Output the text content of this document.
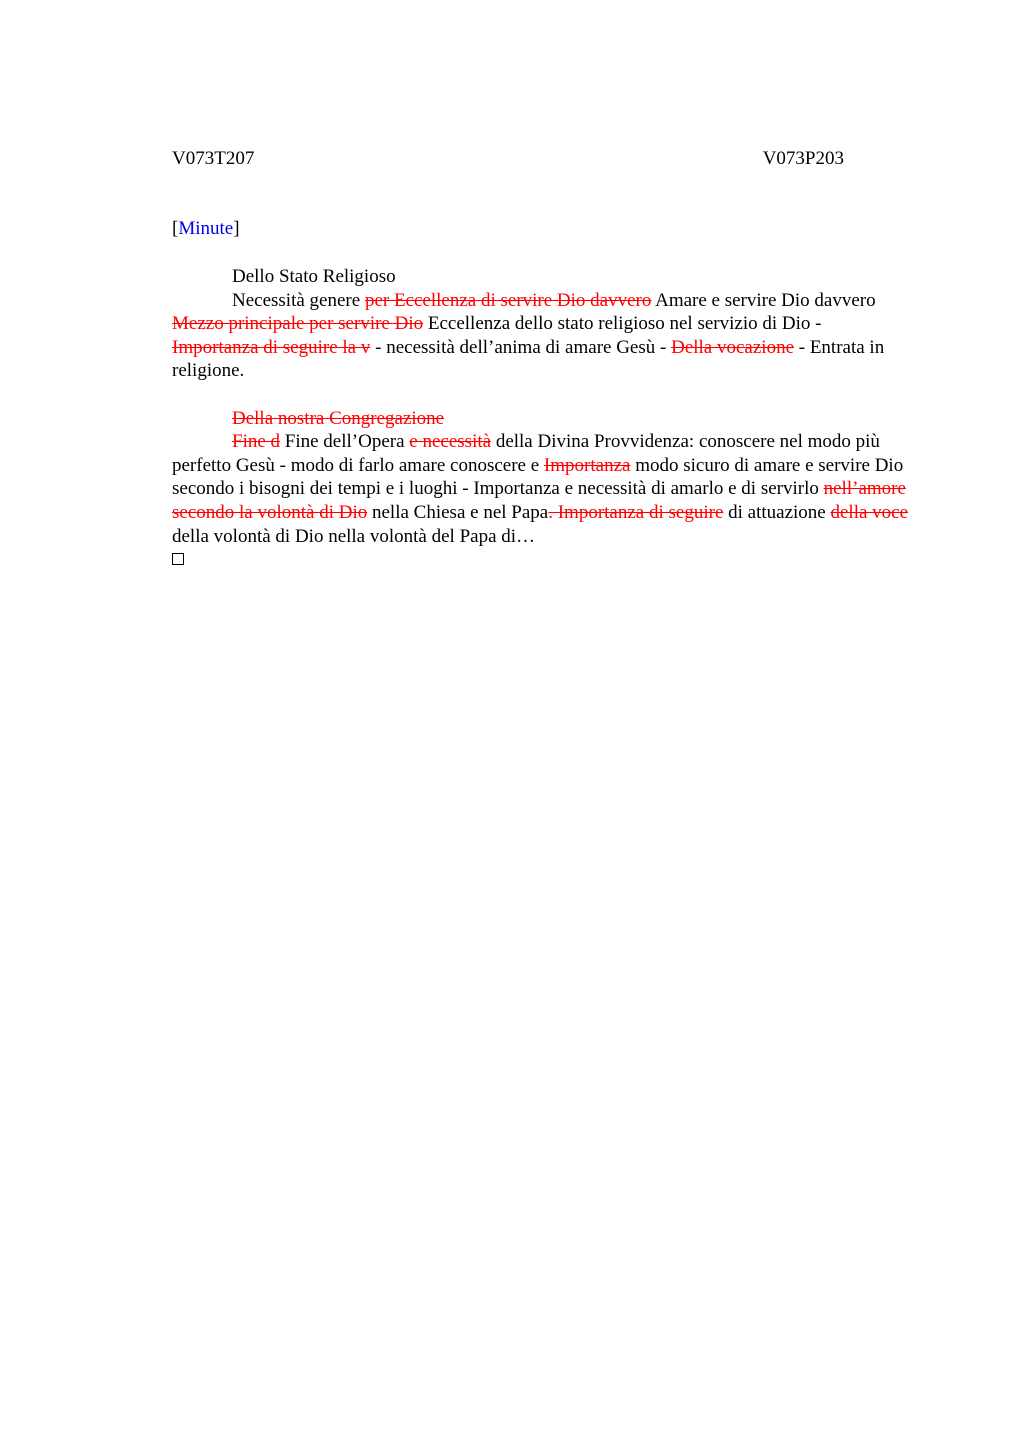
V073T207	V073P203
[Minute]

Dello Stato Religioso

Necessità genere per Eccellenza di servire Dio davvero Amare e servire Dio davvero Mezzo principale per servire Dio Eccellenza dello stato religioso nel servizio di Dio - Importanza di seguire la v - necessità dell’anima di amare Gesù - Della vocazione - Entrata in religione.

Della nostra Congregazione

Fine d Fine dell’Opera e necessità della Divina Provvidenza: conoscere nel modo più perfetto Gesù - modo di farlo amare conoscere e Importanza modo sicuro di amare e servire Dio secondo i bisogni dei tempi e i luoghi - Importanza e necessità di amarlo e di servirlo nell’amore secondo la volontà di Dio nella Chiesa e nel Papa. Importanza di seguire di attuazione della voce della volontà di Dio nella volontà del Papa di…
